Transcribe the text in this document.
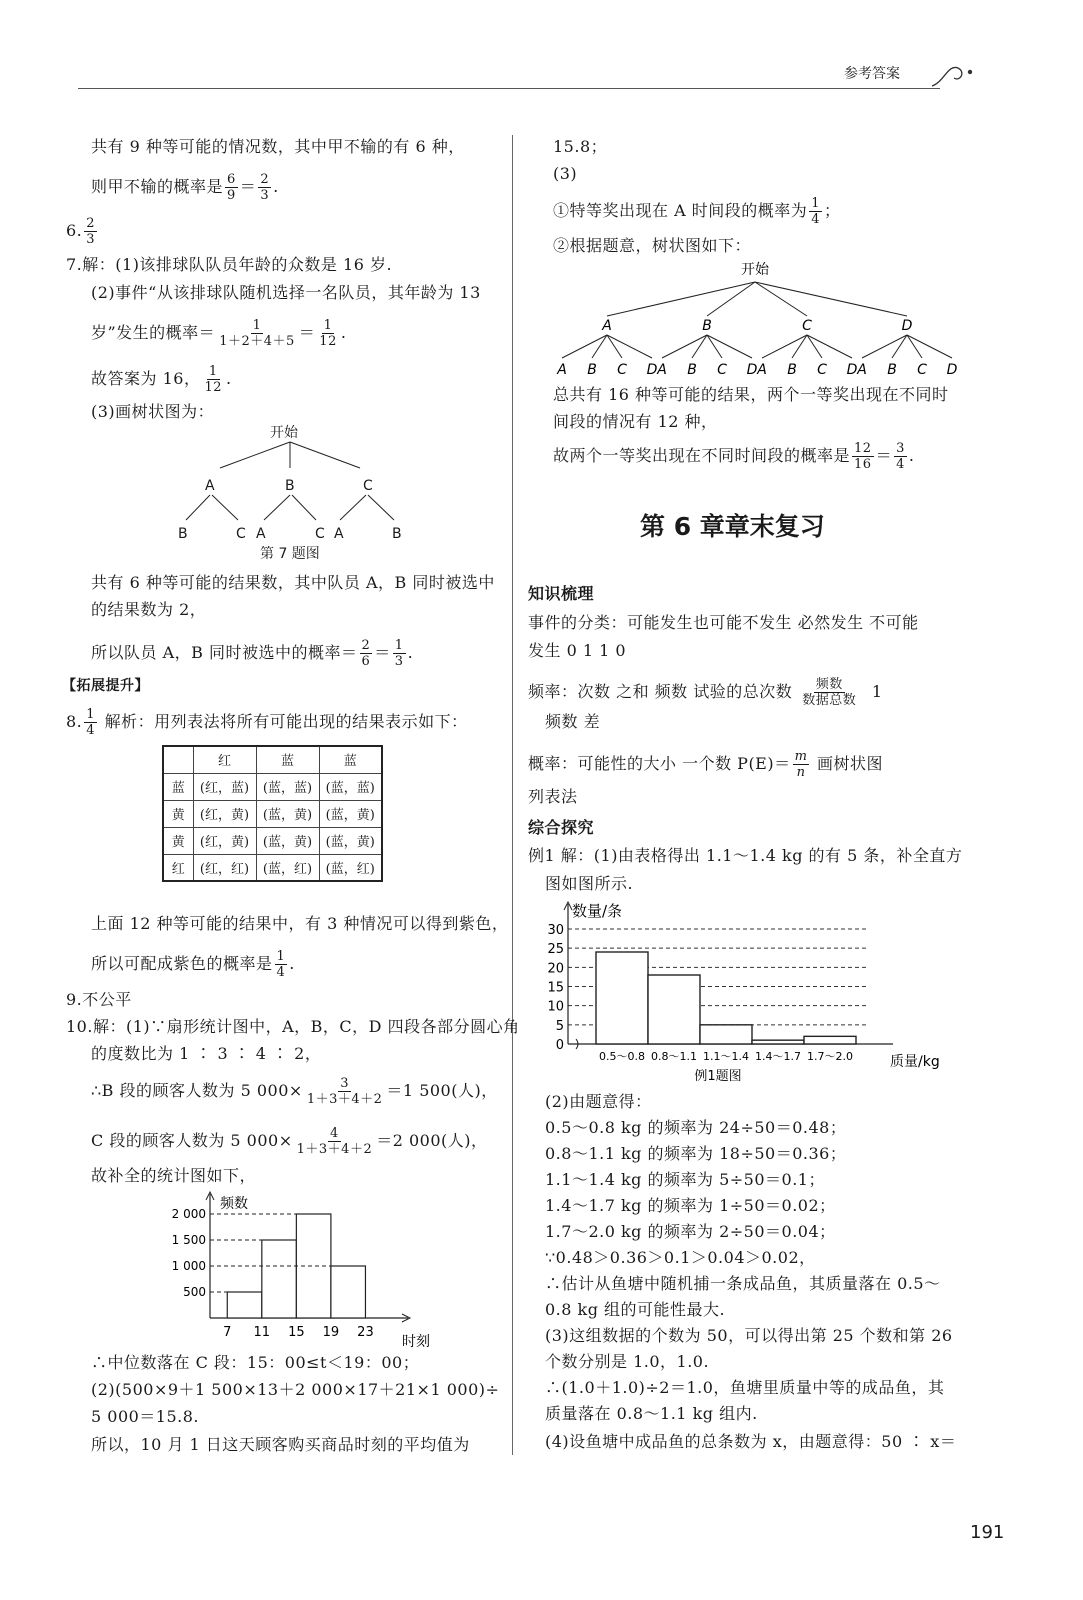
参考答案
共有 9 种等可能的情况数，其中甲不输的有 6 种，
则甲不输的概率是 $\frac{6}{9} = \frac{2}{3}$ .
6. $\frac{2}{3}$
7.解：(1)该排球队队员年龄的众数是 16 岁.
(2)事件“从该排球队随机选择一名队员，其年龄为 13
岁”发生的概率＝ $\frac{1}{1+2+4+5} = \frac{1}{12}$ .
故答案为 16， $\frac{1}{12}$ .
(3)画树状图为：
开始
A	B	C
B	C A	C A	B
第 7 题图
共有 6 种等可能的结果数，其中队员 A，B 同时被选中
的结果数为 2，
所以队员 A，B 同时被选中的概率＝ $\frac{2}{6} = \frac{1}{3}$ .
【拓展提升】
8. $\frac{1}{4}$ 解析：用列表法将所有可能出现的结果表示如下：
	红	蓝	蓝
蓝	(红，蓝)	(蓝，蓝)	(蓝，蓝)
黄	(红，黄)	(蓝，黄)	(蓝，黄)
黄	(红，黄)	(蓝，黄)	(蓝，黄)
红	(红，红)	(蓝，红)	(蓝，红)
上面 12 种等可能的结果中，有 3 种情况可以得到紫色，
所以可配成紫色的概率是 $\frac{1}{4}$ .
9.不公平
10.解：(1)∵扇形统计图中，A，B，C，D 四段各部分圆心角
的度数比为 1 ∶ 3 ∶ 4 ∶ 2，
∴B 段的顾客人数为 5 $000\times \frac{3}{1+3+4+2} =1$ 500(人)，
C 段的顾客人数为 5 $000\times \frac{4}{1+3+4+2} =2$ 000(人)，
故补全的统计图如下，
频数
时刻
500
1 000
1 500
2 000
7 11 15 19 23
∴中位数落在 C 段：15：00≤t＜19：00；
(2)(500×9＋1 500×13＋2 000×17＋21×1 000)÷
5 000＝15.8.
所以，10 月 1 日这天顾客购买商品时刻的平均值为
15.8；
(3)
①特等奖出现在 A 时间段的概率为 $\frac{1}{4}$ ；
②根据题意，树状图如下：
开始
A
A B C D
B
A B C D
C
A B C D
D
A B C D
总共有 16 种等可能的结果，两个一等奖出现在不同时
间段的情况有 12 种，
故两个一等奖出现在不同时间段的概率是 $\frac{12}{16} = \frac{3}{4}$ .
第 6 章章末复习
知识梳理
事件的分类：可能发生也可能不发生 必然发生 不可能
发生 0 1 1 0
频率：次数 之和 频数 试验的总次数 $\frac{\text{频数}}{\text{数据总数}} 1$
频数 差
概率：可能性的大小 一个数 $P(E)= \frac{m}{n}$ 画树状图
列表法
综合探究
例1 解：(1)由表格得出 1.1～1.4 kg 的有 5 条，补全直方
图如图所示.
数量/条
质量/kg
0
5
10
15
20
25
30
0.5～0.8 0.8～1.1 1.1～1.4 1.4～1.7 1.7～2.0
例1题图
(2)由题意得：
0.5～0.8 kg 的频率为 24÷50＝0.48；
0.8～1.1 kg 的频率为 18÷50＝0.36；
1.1～1.4 kg 的频率为 5÷50＝0.1；
1.4～1.7 kg 的频率为 1÷50＝0.02；
1.7～2.0 kg 的频率为 2÷50＝0.04；
∵0.48＞0.36＞0.1＞0.04＞0.02，
∴估计从鱼塘中随机捕一条成品鱼，其质量落在 0.5～
0.8 kg 组的可能性最大.
(3)这组数据的个数为 50，可以得出第 25 个数和第 26
个数分别是 1.0，1.0.
∴(1.0＋1.0)÷2＝1.0，鱼塘里质量中等的成品鱼，其
质量落在 0.8～1.1 kg 组内.
(4)设鱼塘中成品鱼的总条数为 x，由题意得：50 ∶ x＝
191
